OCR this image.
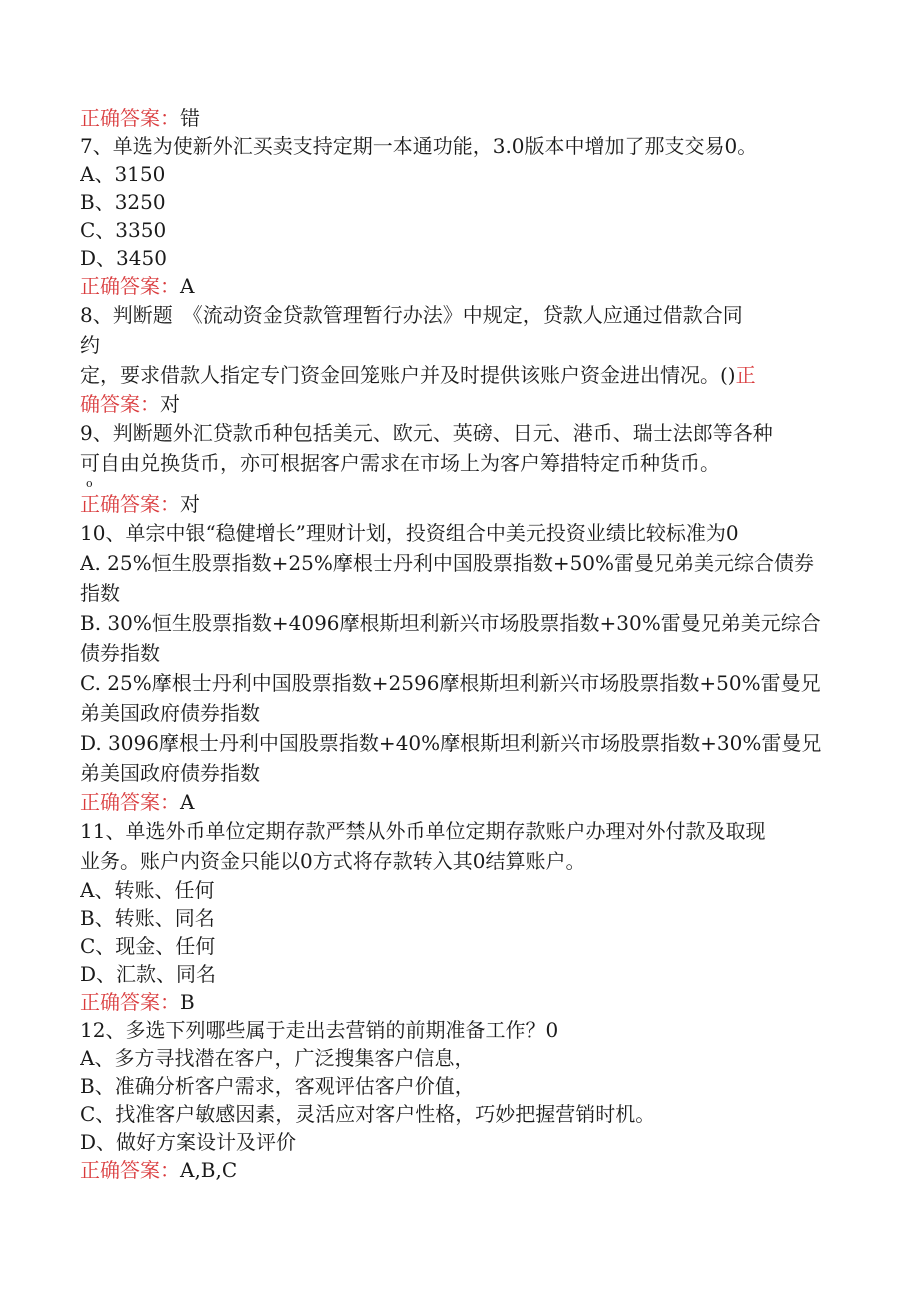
正确答案：错
7、单选为使新外汇买卖支持定期一本通功能，3.0版本中增加了那支交易0。
A、3150
B、3250
C、3350
D、3450
正确答案：A
8、判断题　《流动资金贷款管理暂行办法》中规定，贷款人应通过借款合同
约
定，要求借款人指定专门资金回笼账户并及时提供该账户资金进出情况。()正
确答案：对
9、判断题外汇贷款币种包括美元、欧元、英磅、日元、港币、瑞士法郎等各种
可自由兑换货币，亦可根据客户需求在市场上为客户筹措特定币种货币。
o
正确答案：对
10、单宗中银“稳健增长”理财计划，投资组合中美元投资业绩比较标准为0
A. 25%恒生股票指数+25%摩根士丹利中国股票指数+50%雷曼兄弟美元综合债券
指数
B. 30%恒生股票指数+4096摩根斯坦利新兴市场股票指数+30%雷曼兄弟美元综合
债券指数
C. 25%摩根士丹利中国股票指数+2596摩根斯坦利新兴市场股票指数+50%雷曼兄
弟美国政府债券指数
D. 3096摩根士丹利中国股票指数+40%摩根斯坦利新兴市场股票指数+30%雷曼兄
弟美国政府债券指数
正确答案：A
11、单选外币单位定期存款严禁从外币单位定期存款账户办理对外付款及取现
业务。账户内资金只能以0方式将存款转入其0结算账户。
A、转账、任何
B、转账、同名
C、现金、任何
D、汇款、同名
正确答案：B
12、多选下列哪些属于走出去营销的前期准备工作？0
A、多方寻找潜在客户，广泛搜集客户信息，
B、准确分析客户需求，客观评估客户价值，
C、找准客户敏感因素，灵活应对客户性格，巧妙把握营销时机。
D、做好方案设计及评价
正确答案：A,B,C
